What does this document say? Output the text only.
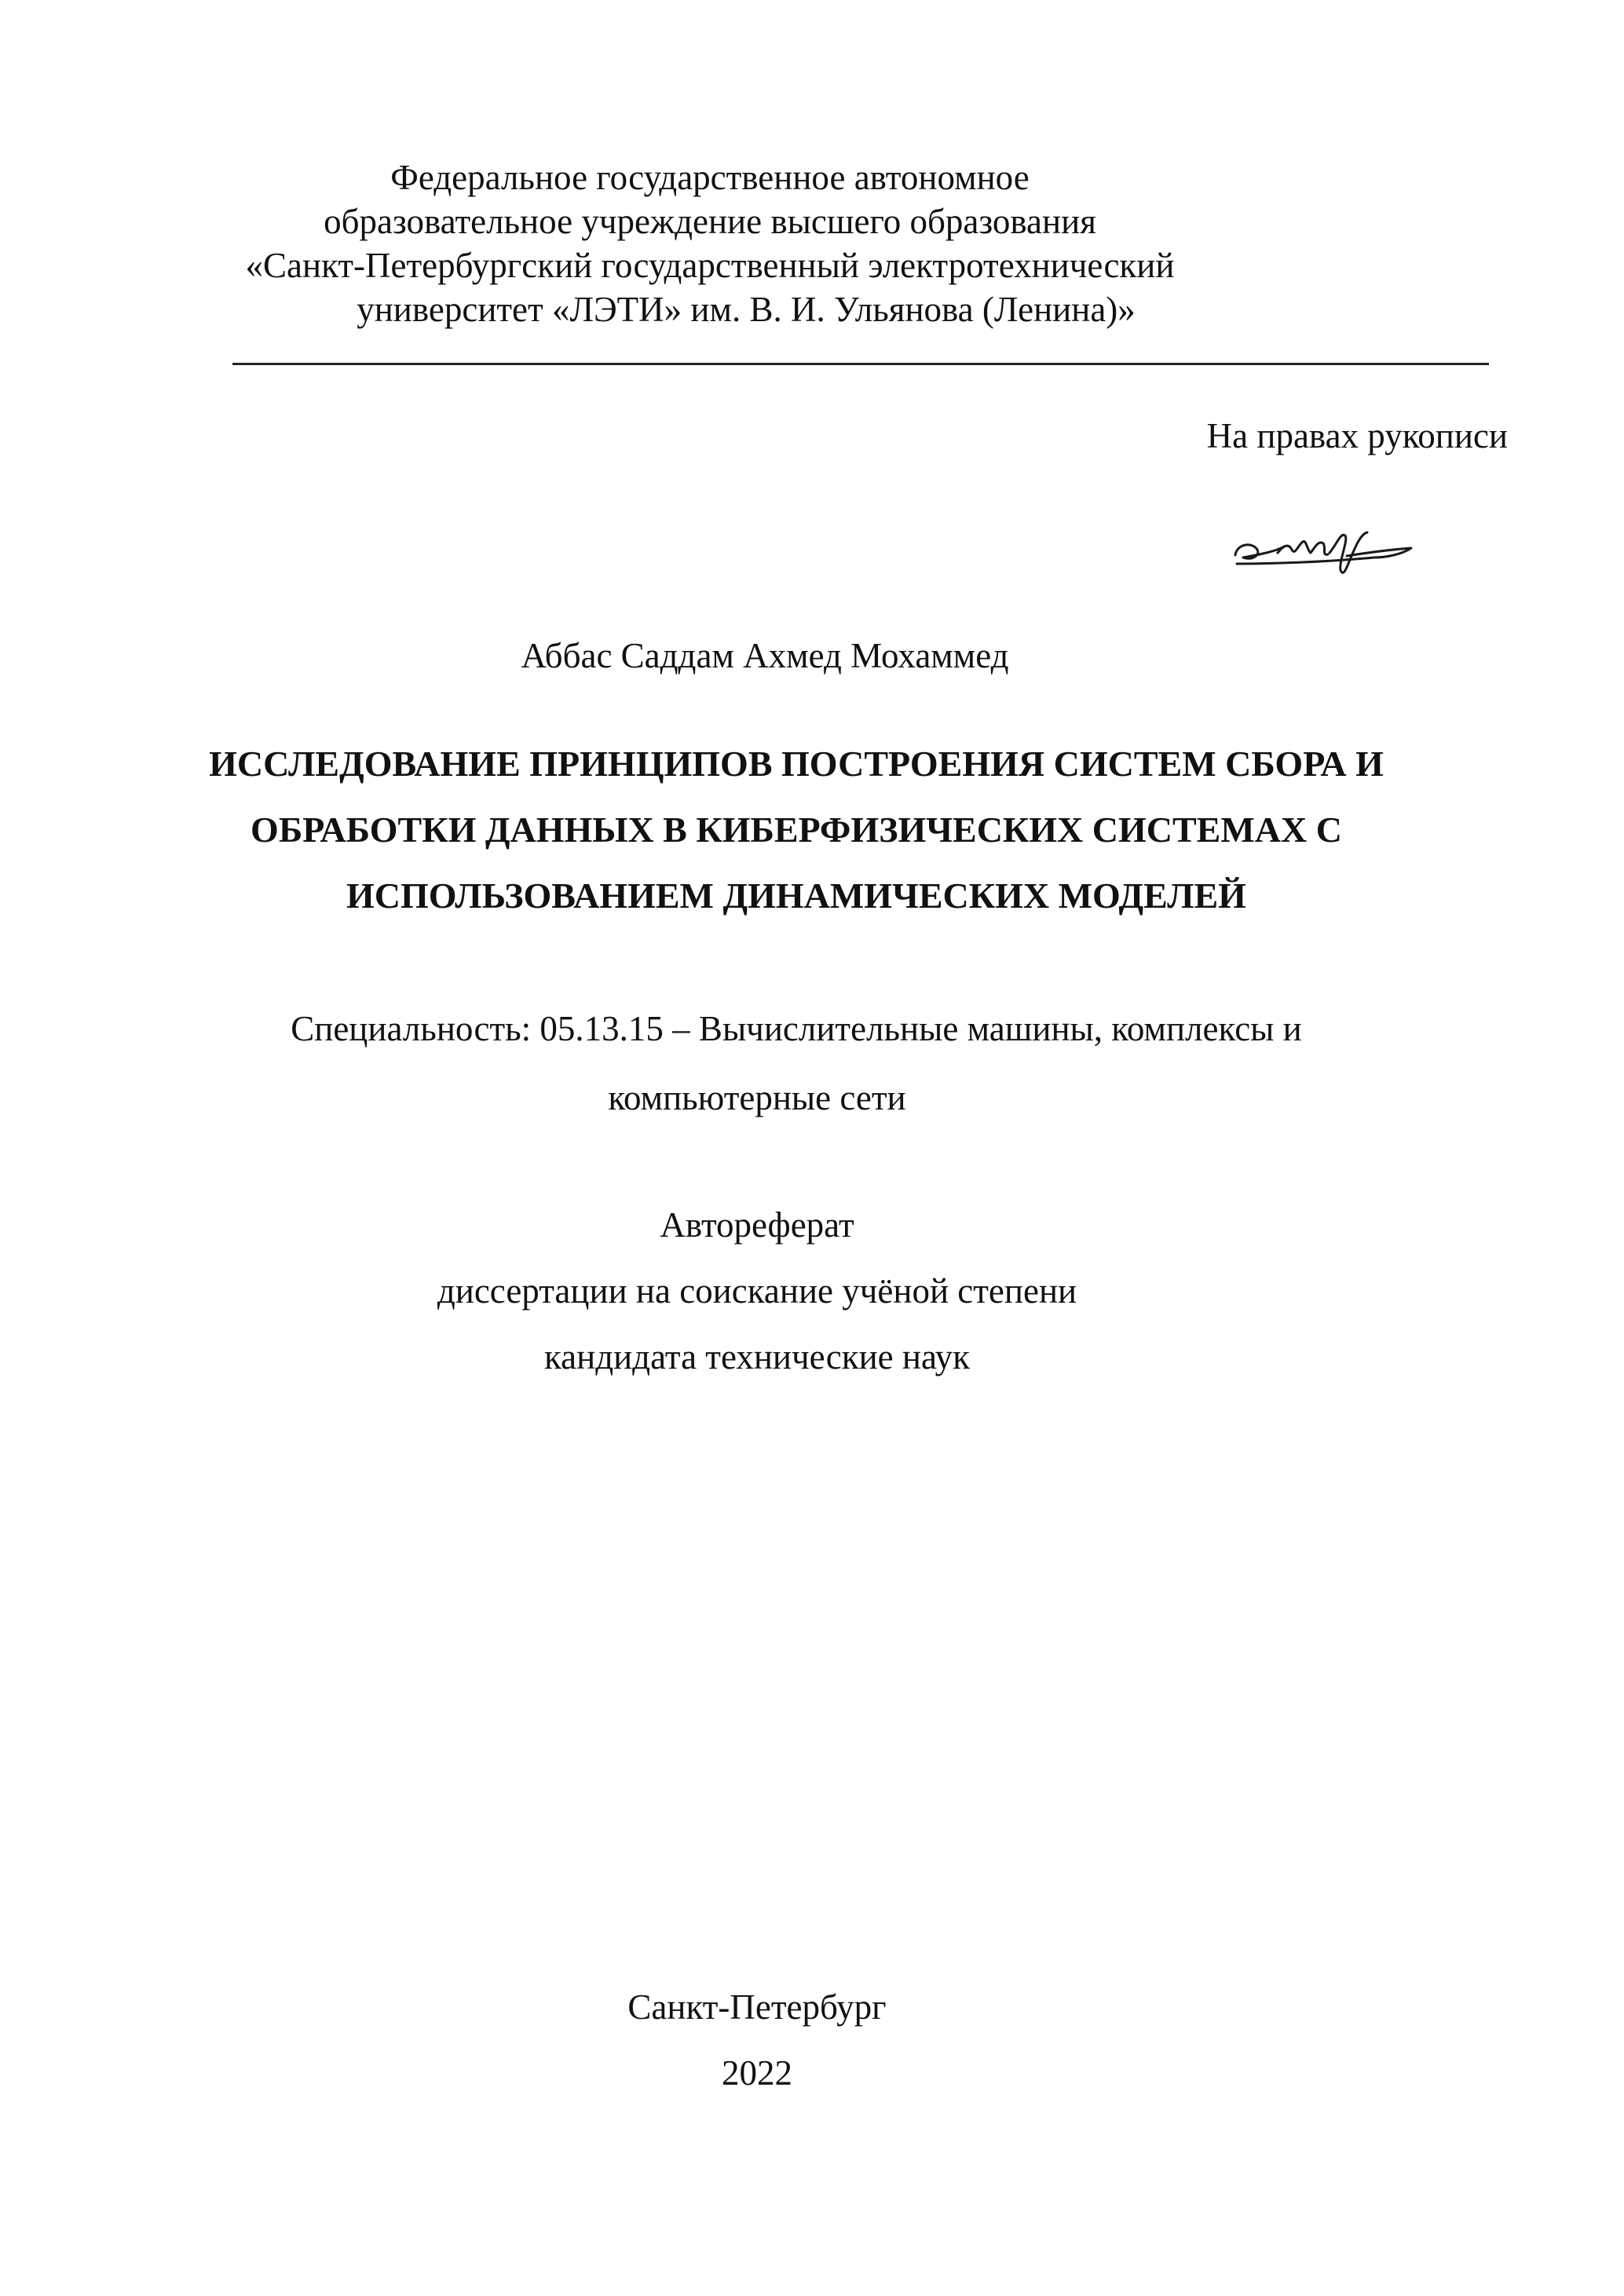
Федеральное государственное автономное
образовательное учреждение высшего образования
«Санкт-Петербургский государственный электротехнический
университет «ЛЭТИ» им. В. И. Ульянова (Ленина)»
На правах рукописи
Аббас Саддам Ахмед Мохаммед
ИССЛЕДОВАНИЕ ПРИНЦИПОВ ПОСТРОЕНИЯ СИСТЕМ СБОРА И
ОБРАБОТКИ ДАННЫХ В КИБЕРФИЗИЧЕСКИХ СИСТЕМАХ С
ИСПОЛЬЗОВАНИЕМ ДИНАМИЧЕСКИХ МОДЕЛЕЙ
Специальность: 05.13.15 – Вычислительные машины, комплексы и
компьютерные сети
Автореферат
диссертации на соискание учёной степени
кандидата технические наук
Санкт-Петербург
2022
